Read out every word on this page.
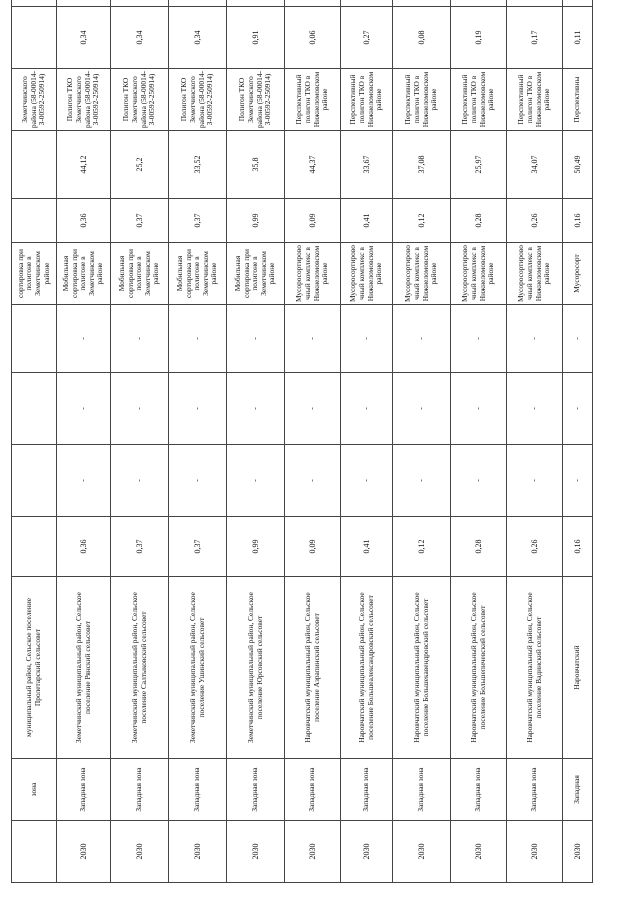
	зона	муниципальный район, Сельское поселение Пролетарский сельсовет					сортировка при полигоне в Земетчинском районе			Земетчинского района (58-00014-З-00592-250914)		
2030	Западная зона	Земетчинский муниципальный район, Сельское поселение Рянский сельсовет	0,36	-	-	-	Мобильная сортировка при полигоне в Земетчинском районе	0,36	44,12	Полигон ТКО Земетчинского района (58-00014-З-00592-250914)	0,34	
2030	Западная зона	Земетчинский муниципальный район, Сельское поселение Салтыковский сельсовет	0,37	-	-	-	Мобильная сортировка при полигоне в Земетчинском районе	0,37	25,2	Полигон ТКО Земетчинского района (58-00014-З-00592-250914)	0,34	
2030	Западная зона	Земетчинский муниципальный район, Сельское поселение Ушинский сельсовет	0,37	-	-	-	Мобильная сортировка при полигоне в Земетчинском районе	0,37	33,52	Полигон ТКО Земетчинского района (58-00014-З-00592-250914)	0,34	
2030	Западная зона	Земетчинский муниципальный район, Сельское поселение Юрсовский сельсовет	0,99	-	-	-	Мобильная сортировка при полигоне в Земетчинском районе	0,99	35,8	Полигон ТКО Земетчинского района (58-00014-З-00592-250914)	0,91	
2030	Западная зона	Наровчатский муниципальный район, Сельское поселение Азрапинский сельсовет	0,09	-	-	-	Мусоросортировочный комплекс в Нижнеломовском районе	0,09	44,37	Перспективный полигон ТКО в Нижнеломовском районе	0,06	
2030	Западная зона	Наровчатский муниципальный район, Сельское поселение Большеалександровский сельсовет	0,41	-	-	-	Мусоросортировочный комплекс в Нижнеломовском районе	0,41	33,67	Перспективный полигон ТКО в Нижнеломовском районе	0,27	
2030	Западная зона	Наровчатский муниципальный район, Сельское поселение Большекавендровский сельсовет	0,12	-	-	-	Мусоросортировочный комплекс в Нижнеломовском районе	0,12	37,08	Перспективный полигон ТКО в Нижнеломовском районе	0,08	
2030	Западная зона	Наровчатский муниципальный район, Сельское поселение Большепичевский сельсовет	0,28	-	-	-	Мусоросортировочный комплекс в Нижнеломовском районе	0,28	25,97	Перспективный полигон ТКО в Нижнеломовском районе	0,19	
2030	Западная зона	Наровчатский муниципальный район, Сельское поселение Вадинский сельсовет	0,26	-	-	-	Мусоросортировочный комплекс в Нижнеломовском районе	0,26	34,07	Перспективный полигон ТКО в Нижнеломовском районе	0,17	
2030	Западная	Наровчатский	0,16	-	-	-	Мусоросорт	0,16	50,49	Перспективны	0,11	
